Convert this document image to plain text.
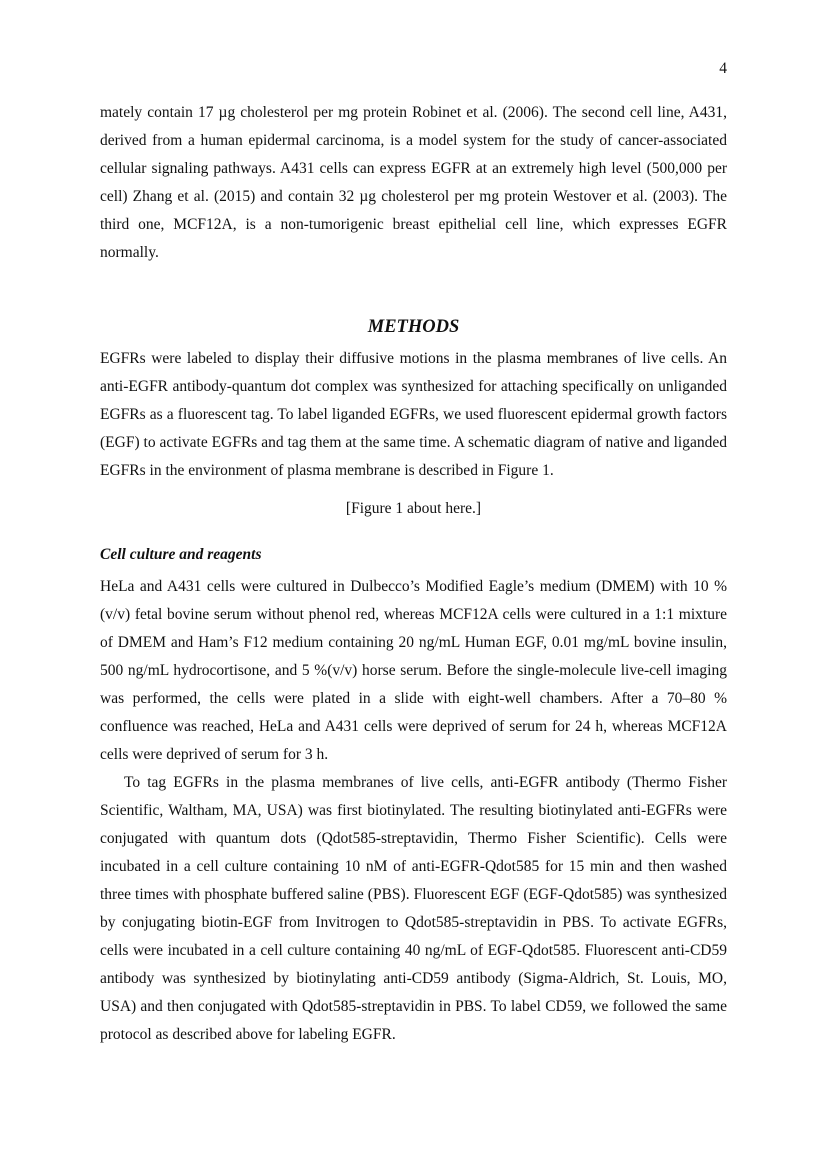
4

mately contain 17 µg cholesterol per mg protein Robinet et al. (2006). The second cell line, A431, derived from a human epidermal carcinoma, is a model system for the study of cancer-associated cellular signaling pathways. A431 cells can express EGFR at an extremely high level (500,000 per cell) Zhang et al. (2015) and contain 32 µg cholesterol per mg protein Westover et al. (2003). The third one, MCF12A, is a non-tumorigenic breast epithelial cell line, which expresses EGFR normally.

METHODS

EGFRs were labeled to display their diffusive motions in the plasma membranes of live cells. An anti-EGFR antibody-quantum dot complex was synthesized for attaching specifically on unliganded EGFRs as a fluorescent tag. To label liganded EGFRs, we used fluorescent epidermal growth factors (EGF) to activate EGFRs and tag them at the same time. A schematic diagram of native and liganded EGFRs in the environment of plasma membrane is described in Figure 1.

[Figure 1 about here.]
Cell culture and reagents

HeLa and A431 cells were cultured in Dulbecco’s Modified Eagle’s medium (DMEM) with 10 % (v/v) fetal bovine serum without phenol red, whereas MCF12A cells were cultured in a 1:1 mixture of DMEM and Ham’s F12 medium containing 20 ng/mL Human EGF, 0.01 mg/mL bovine insulin, 500 ng/mL hydrocortisone, and 5 %(v/v) horse serum. Before the single-molecule live-cell imaging was performed, the cells were plated in a slide with eight-well chambers. After a 70–80 % confluence was reached, HeLa and A431 cells were deprived of serum for 24 h, whereas MCF12A cells were deprived of serum for 3 h.

To tag EGFRs in the plasma membranes of live cells, anti-EGFR antibody (Thermo Fisher Scientific, Waltham, MA, USA) was first biotinylated. The resulting biotinylated anti-EGFRs were conjugated with quantum dots (Qdot585-streptavidin, Thermo Fisher Scientific). Cells were incubated in a cell culture containing 10 nM of anti-EGFR-Qdot585 for 15 min and then washed three times with phosphate buffered saline (PBS). Fluorescent EGF (EGF-Qdot585) was synthesized by conjugating biotin-EGF from Invitrogen to Qdot585-streptavidin in PBS. To activate EGFRs, cells were incubated in a cell culture containing 40 ng/mL of EGF-Qdot585. Fluorescent anti-CD59 antibody was synthesized by biotinylating anti-CD59 antibody (Sigma-Aldrich, St. Louis, MO, USA) and then conjugated with Qdot585-streptavidin in PBS. To label CD59, we followed the same protocol as described above for labeling EGFR.
